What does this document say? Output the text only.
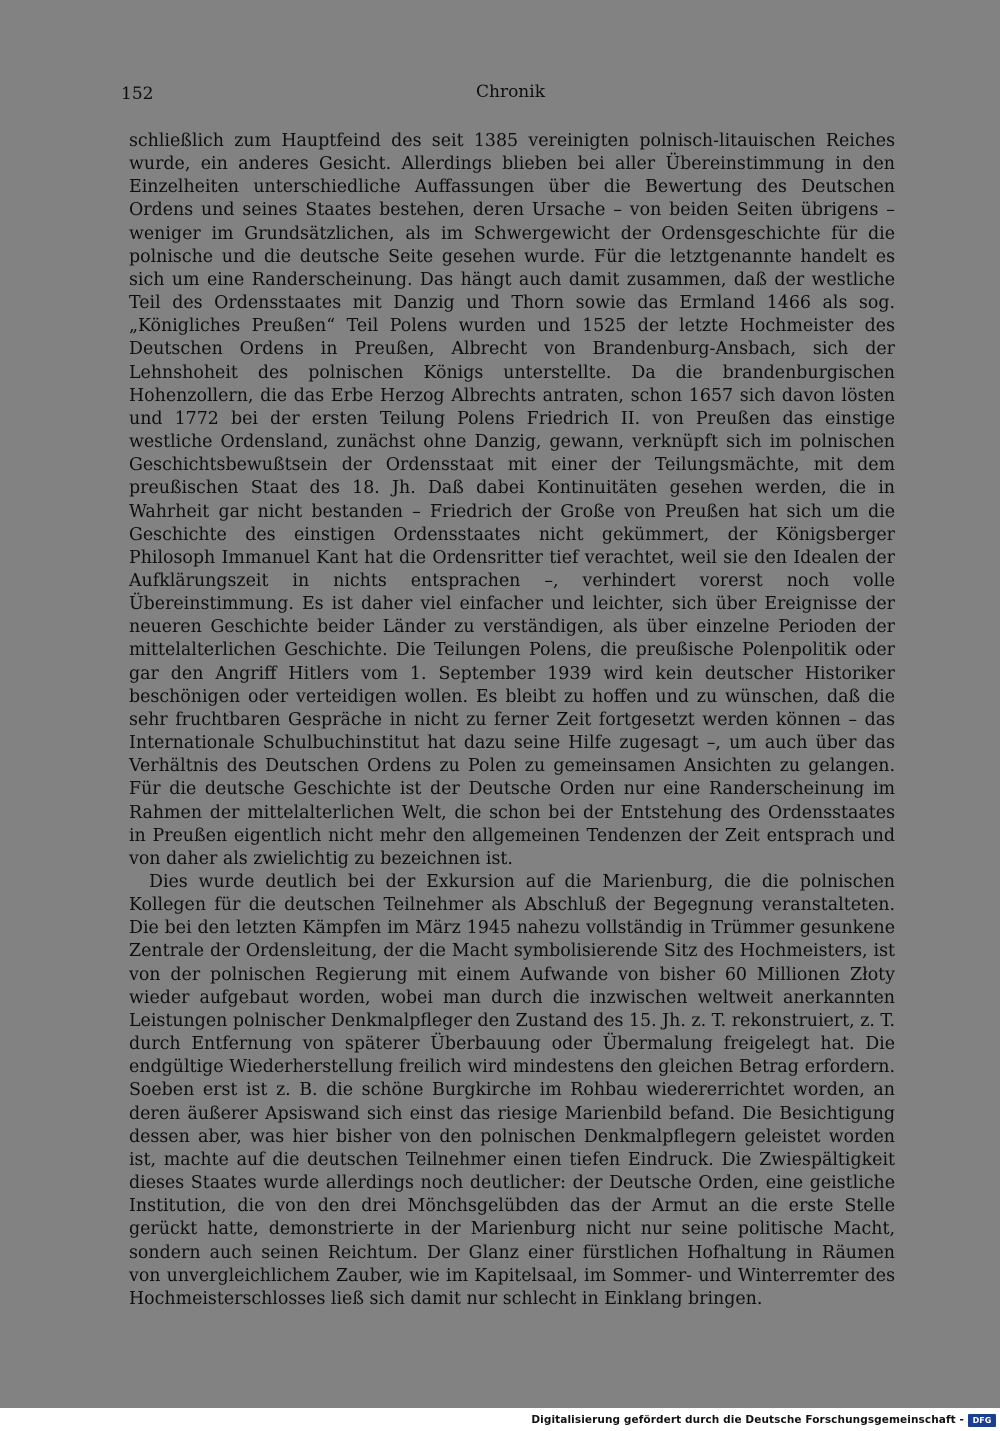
152	Chronik

schließlich zum Hauptfeind des seit 1385 vereinigten polnisch-litauischen Reiches wurde, ein anderes Gesicht. Allerdings blieben bei aller Übereinstimmung in den Einzelheiten unterschiedliche Auffassungen über die Bewertung des Deutschen Ordens und seines Staates bestehen, deren Ursache – von beiden Seiten übrigens – weniger im Grundsätzlichen, als im Schwergewicht der Ordensgeschichte für die polnische und die deutsche Seite gesehen wurde. Für die letztgenannte handelt es sich um eine Randerscheinung. Das hängt auch damit zusammen, daß der westliche Teil des Ordensstaates mit Danzig und Thorn sowie das Ermland 1466 als sog. „Königliches Preußen“ Teil Polens wurden und 1525 der letzte Hochmeister des Deutschen Ordens in Preußen, Albrecht von Brandenburg-Ansbach, sich der Lehnshoheit des polnischen Königs unterstellte. Da die brandenburgischen Hohenzollern, die das Erbe Herzog Albrechts antraten, schon 1657 sich davon lösten und 1772 bei der ersten Teilung Polens Friedrich II. von Preußen das einstige westliche Ordensland, zunächst ohne Danzig, gewann, verknüpft sich im polnischen Geschichtsbewußtsein der Ordensstaat mit einer der Teilungsmächte, mit dem preußischen Staat des 18. Jh. Daß dabei Kontinuitäten gesehen werden, die in Wahrheit gar nicht bestanden – Friedrich der Große von Preußen hat sich um die Geschichte des einstigen Ordensstaates nicht gekümmert, der Königsberger Philosoph Immanuel Kant hat die Ordensritter tief verachtet, weil sie den Idealen der Aufklärungszeit in nichts entsprachen –, verhindert vorerst noch volle Übereinstimmung. Es ist daher viel einfacher und leichter, sich über Ereignisse der neueren Geschichte beider Länder zu verständigen, als über einzelne Perioden der mittelalterlichen Geschichte. Die Teilungen Polens, die preußische Polenpolitik oder gar den Angriff Hitlers vom 1. September 1939 wird kein deutscher Historiker beschönigen oder verteidigen wollen. Es bleibt zu hoffen und zu wünschen, daß die sehr fruchtbaren Gespräche in nicht zu ferner Zeit fortgesetzt werden können – das Internationale Schulbuchinstitut hat dazu seine Hilfe zugesagt –, um auch über das Verhältnis des Deutschen Ordens zu Polen zu gemeinsamen Ansichten zu gelangen. Für die deutsche Geschichte ist der Deutsche Orden nur eine Randerscheinung im Rahmen der mittelalterlichen Welt, die schon bei der Entstehung des Ordensstaates in Preußen eigentlich nicht mehr den allgemeinen Tendenzen der Zeit entsprach und von daher als zwielichtig zu bezeichnen ist.

Dies wurde deutlich bei der Exkursion auf die Marienburg, die die polnischen Kollegen für die deutschen Teilnehmer als Abschluß der Begegnung veranstalteten. Die bei den letzten Kämpfen im März 1945 nahezu vollständig in Trümmer gesunkene Zentrale der Ordensleitung, der die Macht symbolisierende Sitz des Hochmeisters, ist von der polnischen Regierung mit einem Aufwande von bisher 60 Millionen Złoty wieder aufgebaut worden, wobei man durch die inzwischen weltweit anerkannten Leistungen polnischer Denkmalpfleger den Zustand des 15. Jh. z. T. rekonstruiert, z. T. durch Entfernung von späterer Überbauung oder Übermalung freigelegt hat. Die endgültige Wiederherstellung freilich wird mindestens den gleichen Betrag erfordern. Soeben erst ist z. B. die schöne Burgkirche im Rohbau wiedererrichtet worden, an deren äußerer Apsiswand sich einst das riesige Marienbild befand. Die Besichtigung dessen aber, was hier bisher von den polnischen Denkmalpflegern geleistet worden ist, machte auf die deutschen Teilnehmer einen tiefen Eindruck. Die Zwiespältigkeit dieses Staates wurde allerdings noch deutlicher: der Deutsche Orden, eine geistliche Institution, die von den drei Mönchsgelübden das der Armut an die erste Stelle gerückt hatte, demonstrierte in der Marienburg nicht nur seine politische Macht, sondern auch seinen Reichtum. Der Glanz einer fürstlichen Hofhaltung in Räumen von unvergleichlichem Zauber, wie im Kapitelsaal, im Sommer- und Winterremter des Hochmeisterschlosses ließ sich damit nur schlecht in Einklang bringen.

Digitalisierung gefördert durch die Deutsche Forschungsgemeinschaft -	DFG
